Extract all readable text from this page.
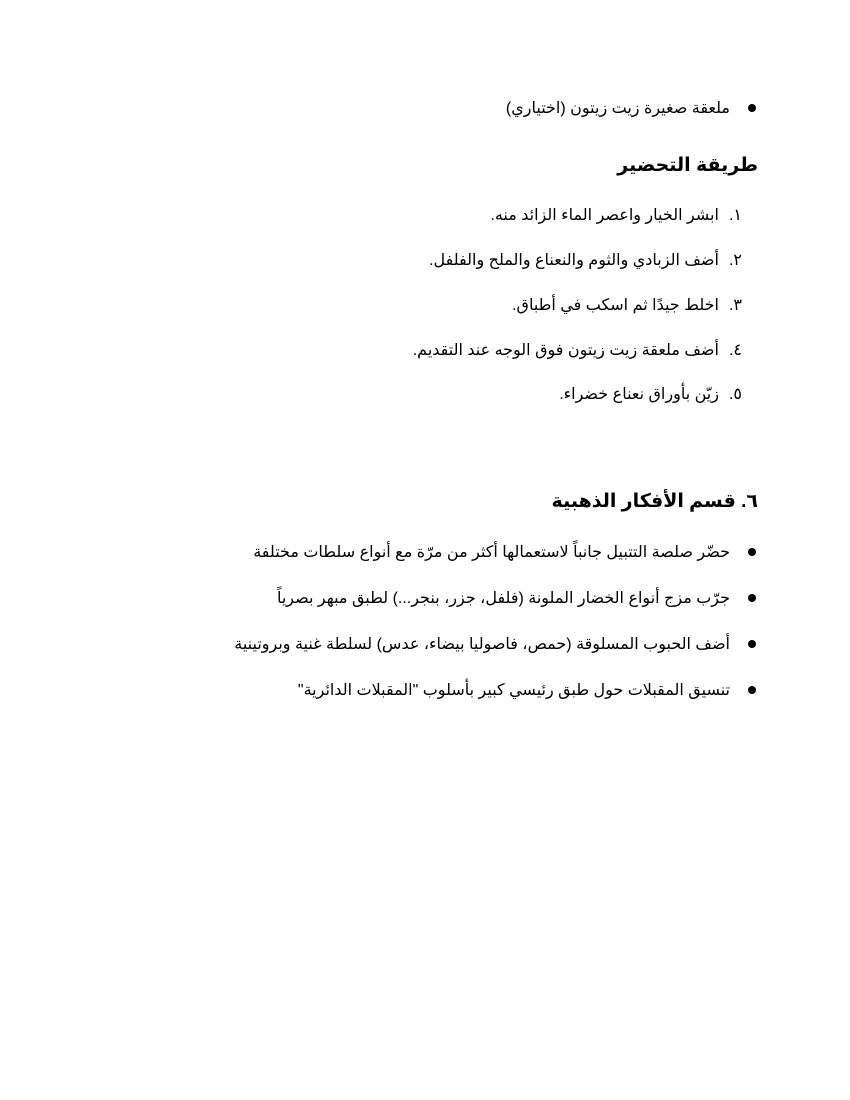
ملعقة صغيرة زيت زيتون (اختياري)
طريقة التحضير
١.
ابشر الخيار واعصر الماء الزائد منه.
٢.
أضف الزبادي والثوم والنعناع والملح والفلفل.
٣.
اخلط جيدًا ثم اسكب في أطباق.
٤.
أضف ملعقة زيت زيتون فوق الوجه عند التقديم.
٥.
زيّن بأوراق نعناع خضراء.
٦. قسم الأفكار الذهبية
حضّر صلصة التتبيل جانباً لاستعمالها أكثر من مرّة مع أنواع سلطات مختلفة
جرّب مزج أنواع الخضار الملونة (فلفل، جزر، بنجر...) لطبق مبهر بصرياً
أضف الحبوب المسلوقة (حمص، فاصوليا بيضاء، عدس) لسلطة غنية وبروتينية
تنسيق المقبلات حول طبق رئيسي كبير بأسلوب "المقبلات الدائرية"
